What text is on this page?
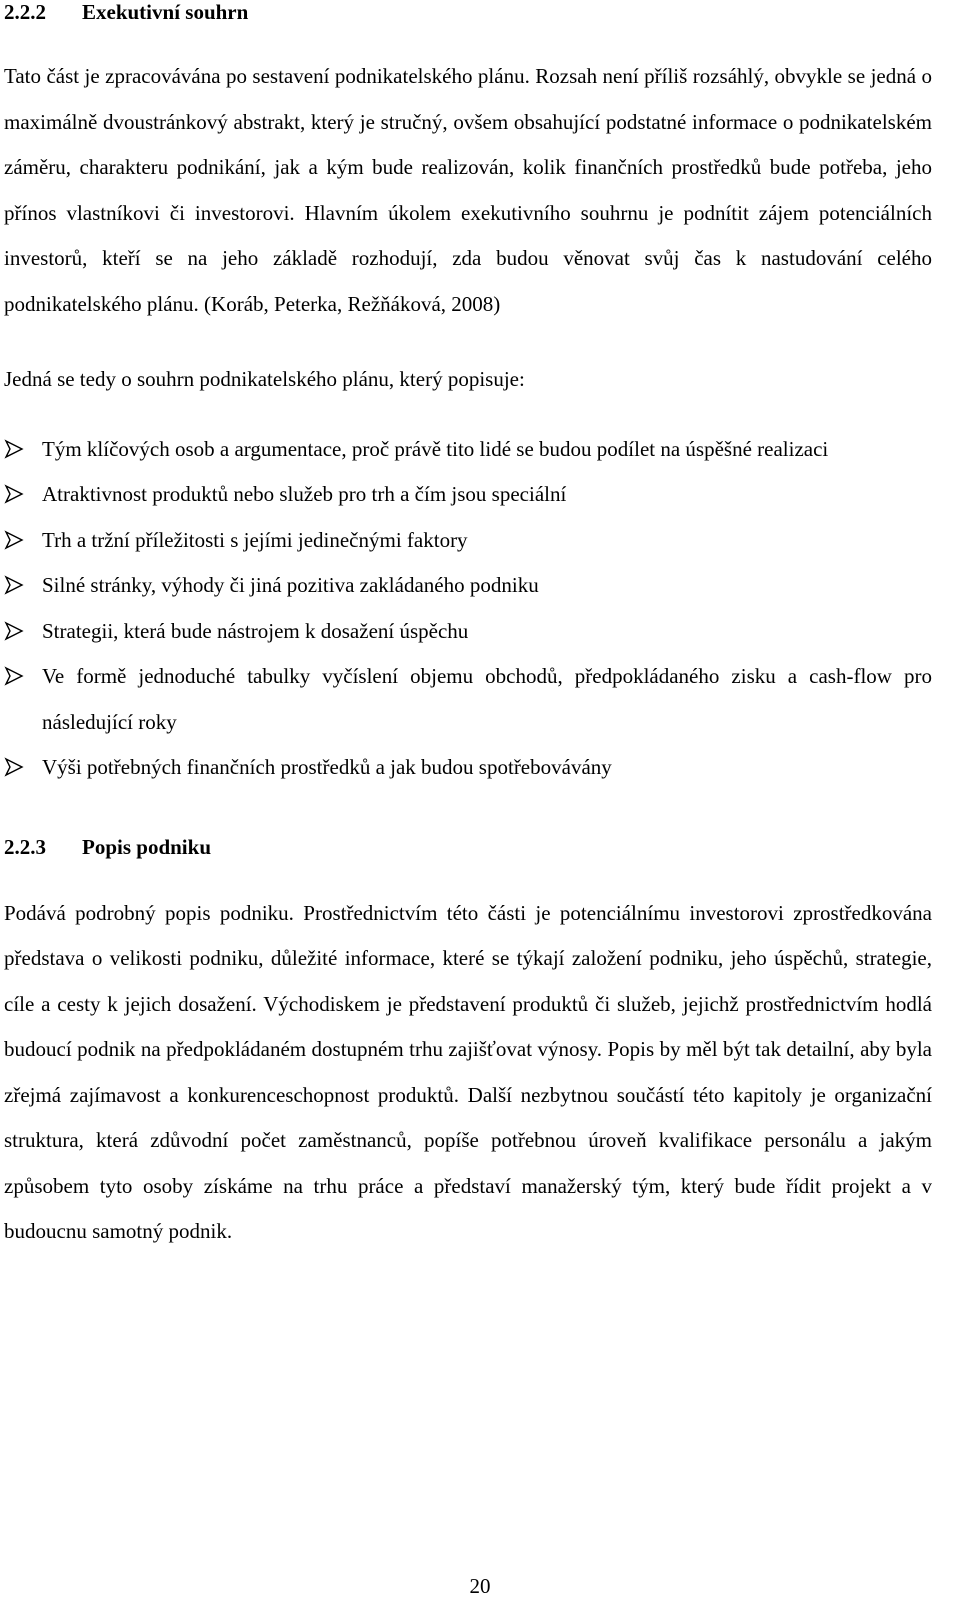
2.2.2 Exekutivní souhrn

Tato část je zpracovávána po sestavení podnikatelského plánu. Rozsah není příliš rozsáhlý, obvykle se jedná o maximálně dvoustránkový abstrakt, který je stručný, ovšem obsahující podstatné informace o podnikatelském záměru, charakteru podnikání, jak a kým bude realizován, kolik finančních prostředků bude potřeba, jeho přínos vlastníkovi či investorovi. Hlavním úkolem exekutivního souhrnu je podnítit zájem potenciálních investorů, kteří se na jeho základě rozhodují, zda budou věnovat svůj čas k nastudování celého podnikatelského plánu. (Koráb, Peterka, Režňáková, 2008)

Jedná se tedy o souhrn podnikatelského plánu, který popisuje:

Tým klíčových osob a argumentace, proč právě tito lidé se budou podílet na úspěšné realizaci
Atraktivnost produktů nebo služeb pro trh a čím jsou speciální
Trh a tržní příležitosti s jejími jedinečnými faktory
Silné stránky, výhody či jiná pozitiva zakládaného podniku
Strategii, která bude nástrojem k dosažení úspěchu
Ve formě jednoduché tabulky vyčíslení objemu obchodů, předpokládaného zisku a cash-flow pro následující roky
Výši potřebných finančních prostředků a jak budou spotřebovávány
2.2.3 Popis podniku

Podává podrobný popis podniku. Prostřednictvím této části je potenciálnímu investorovi zprostředkována představa o velikosti podniku, důležité informace, které se týkají založení podniku, jeho úspěchů, strategie, cíle a cesty k jejich dosažení. Východiskem je představení produktů či služeb, jejichž prostřednictvím hodlá budoucí podnik na předpokládaném dostupném trhu zajišťovat výnosy. Popis by měl být tak detailní, aby byla zřejmá zajímavost a konkurenceschopnost produktů. Další nezbytnou součástí této kapitoly je organizační struktura, která zdůvodní počet zaměstnanců, popíše potřebnou úroveň kvalifikace personálu a jakým způsobem tyto osoby získáme na trhu práce a představí manažerský tým, který bude řídit projekt a v budoucnu samotný podnik.

20
